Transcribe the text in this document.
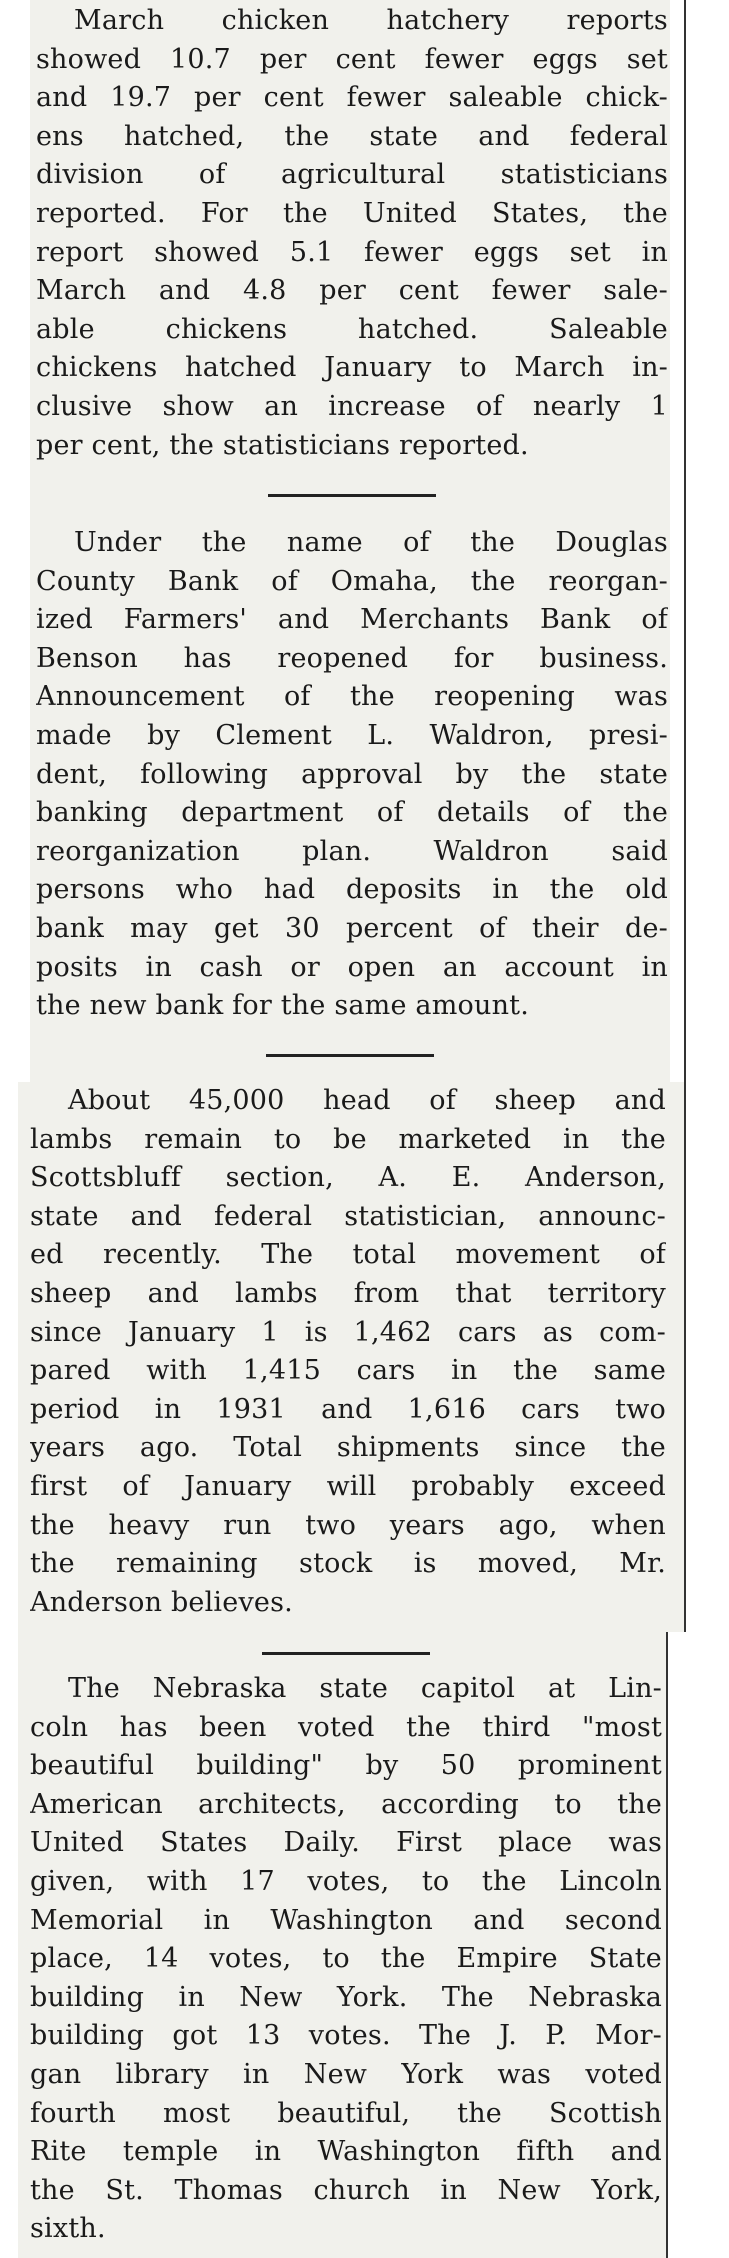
March chicken hatchery reports
showed 10.7 per cent fewer eggs set
and 19.7 per cent fewer saleable chick-
ens hatched, the state and federal
division of agricultural statisticians
reported. For the United States, the
report showed 5.1 fewer eggs set in
March and 4.8 per cent fewer sale-
able chickens hatched. Saleable
chickens hatched January to March in-
clusive show an increase of nearly 1
per cent, the statisticians reported.
Under the name of the Douglas
County Bank of Omaha, the reorgan-
ized Farmers' and Merchants Bank of
Benson has reopened for business.
Announcement of the reopening was
made by Clement L. Waldron, presi-
dent, following approval by the state
banking department of details of the
reorganization plan. Waldron said
persons who had deposits in the old
bank may get 30 percent of their de-
posits in cash or open an account in
the new bank for the same amount.
About 45,000 head of sheep and
lambs remain to be marketed in the
Scottsbluff section, A. E. Anderson,
state and federal statistician, announc-
ed recently. The total movement of
sheep and lambs from that territory
since January 1 is 1,462 cars as com-
pared with 1,415 cars in the same
period in 1931 and 1,616 cars two
years ago. Total shipments since the
first of January will probably exceed
the heavy run two years ago, when
the remaining stock is moved, Mr.
Anderson believes.
The Nebraska state capitol at Lin-
coln has been voted the third "most
beautiful building" by 50 prominent
American architects, according to the
United States Daily. First place was
given, with 17 votes, to the Lincoln
Memorial in Washington and second
place, 14 votes, to the Empire State
building in New York. The Nebraska
building got 13 votes. The J. P. Mor-
gan library in New York was voted
fourth most beautiful, the Scottish
Rite temple in Washington fifth and
the St. Thomas church in New York,
sixth.
